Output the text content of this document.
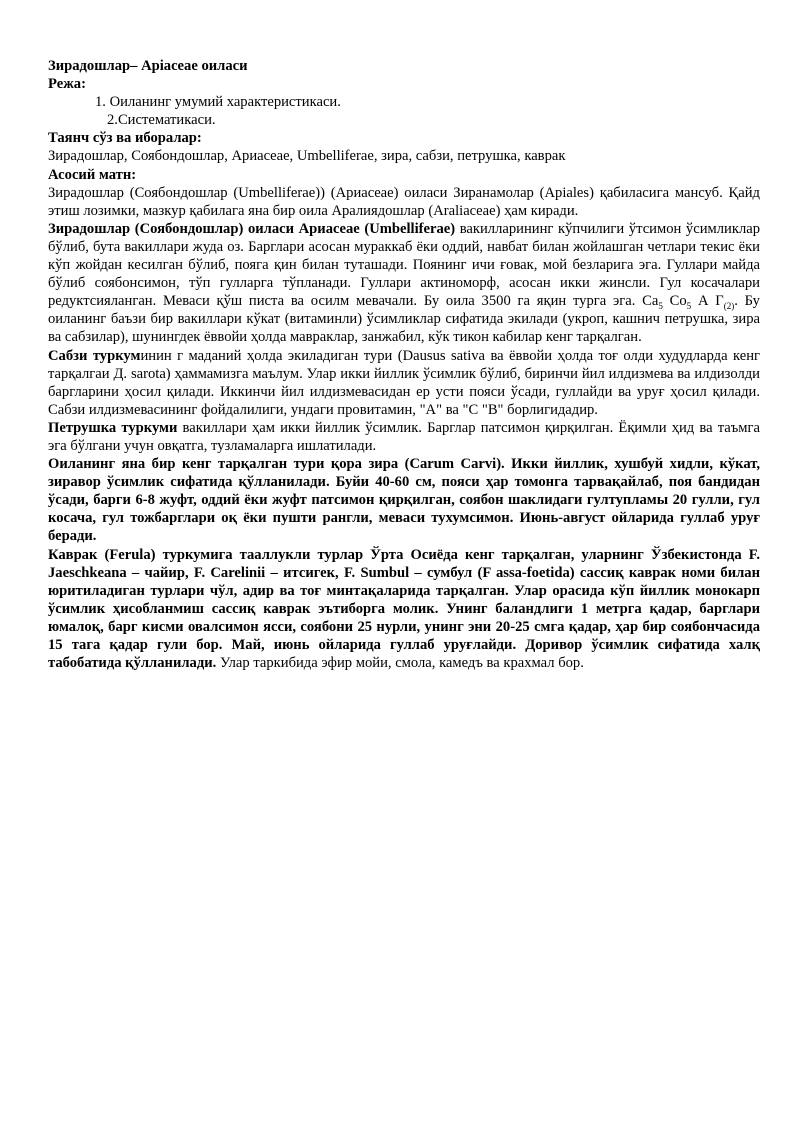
Зирадошлар– Apiaceae оиласи

Режа:

1. Оиланинг умумий характеристикаси.

2.Систематикаси.

Таянч сўз ва иборалар:

Зирадошлар, Соябондошлар, Apиaceae, Umbelliferae, зира, сабзи, петрушка, каврак

Асосий матн:

Зирадошлар (Соябондошлар (Umbelliferae)) (Apиaceae) оиласи Зиранамолар (Apiales) қабиласига мансуб. Қайд этиш лозимки, мазкур қабилага яна бир оила Аралиядошлар (Araliaceae) ҳам киради.

Зирадошлар (Соябондошлар) оиласи Apиaceae (Umbelliferae) вакилларининг кўпчилиги ўтсимон ўсимликлар бўлиб, бута вакиллари жуда оз. Барглари асосан мураккаб ёки оддий, навбат билан жойлашган четлари текис ёки кўп жойдан кесилган бўлиб, пояга қин билан туташади. Поянинг ичи ғовак, мой безларига эга. Гуллари майда бўлиб соябонсимон, тўп гулларга тўпланади. Гуллари актиноморф, асосан икки жинсли. Гул косачалари редуктсияланган. Меваси қўш писта ва осилм мевачали. Бу оила 3500 га яқин турга эга. $Са_5$ $Со_5$ А $Г_{(2)}$. Бу оиланинг баъзи бир вакиллари кўкат (витаминли) ўсимликлар сифатида экилади (укроп, кашнич петрушка, зира ва сабзилар), шунингдек ёввойи ҳолда мавраклар, занжабил, кўк тикон кабилар кенг тарқалган.

Сабзи туркуминин г маданий ҳолда экиладиган тури (Dausus sativa ва ёввойи ҳолда тоғ олди худудларда кенг тарқалгаи Д. sarota) ҳаммамизга маълум. Улар икки йиллик ўсимлик бўлиб, биринчи йил илдизмева ва илдизолди баргларини ҳосил қилади. Иккинчи йил илдизмевасидан ер усти пояси ўсади, гуллайди ва уруғ ҳосил қилади. Сабзи илдизмевасининг фойдалилиги, ундаги провитамин, "А" ва "С "В" борлигидадир.

Петрушка туркуми вакиллари ҳам икки йиллик ўсимлик. Барглар патсимон қирқилган. Ёқимли ҳид ва таъмга эга бўлгани учун овқатга, тузламаларга ишлатилади.

Оиланинг яна бир кенг тарқалган тури қора зира (Carum Carvi). Икки йиллик, хушбуй хидли, кўкат, зиравор ўсимлик сифатида қўлланилади. Буйи 40-60 см, пояси ҳар томонга тарвақайлаб, поя бандидан ўсади, барги 6-8 жуфт, оддий ёки жуфт патсимон қирқилган, соябон шаклидаги гултупламы 20 гулли, гул косача, гул тожбарглари оқ ёки пушти рангли, меваси тухумсимон. Июнь-август ойларида гуллаб уруғ беради.

Каврак (Ferula) туркумига тааллукли турлар Ўрта Осиёда кенг тарқалган, уларнинг Ўзбекистонда F. Jaeschkeana – чайир, F. Carelinii – итсигек, F. Sumbul – сумбул (F assa-foetida) сассиқ каврак номи билан юритиладиган турлари чўл, адир ва тоғ минтақаларида тарқалган. Улар орасида кўп йиллик монокарп ўсимлик ҳисобланмиш сассиқ каврак эътиборга молик. Унинг баландлиги 1 метрга қадар, барглари юмалоқ, барг кисми овалсимон ясси, соябони 25 нурли, унинг эни 20-25 смга қадар, ҳар бир соябончасида 15 тага қадар гули бор. Май, июнь ойларида гуллаб уруғлайди. Доривор ўсимлик сифатида халқ табобатида қўлланилади. Улар таркибида эфир мойи, смола, камедъ ва крахмал бор.
